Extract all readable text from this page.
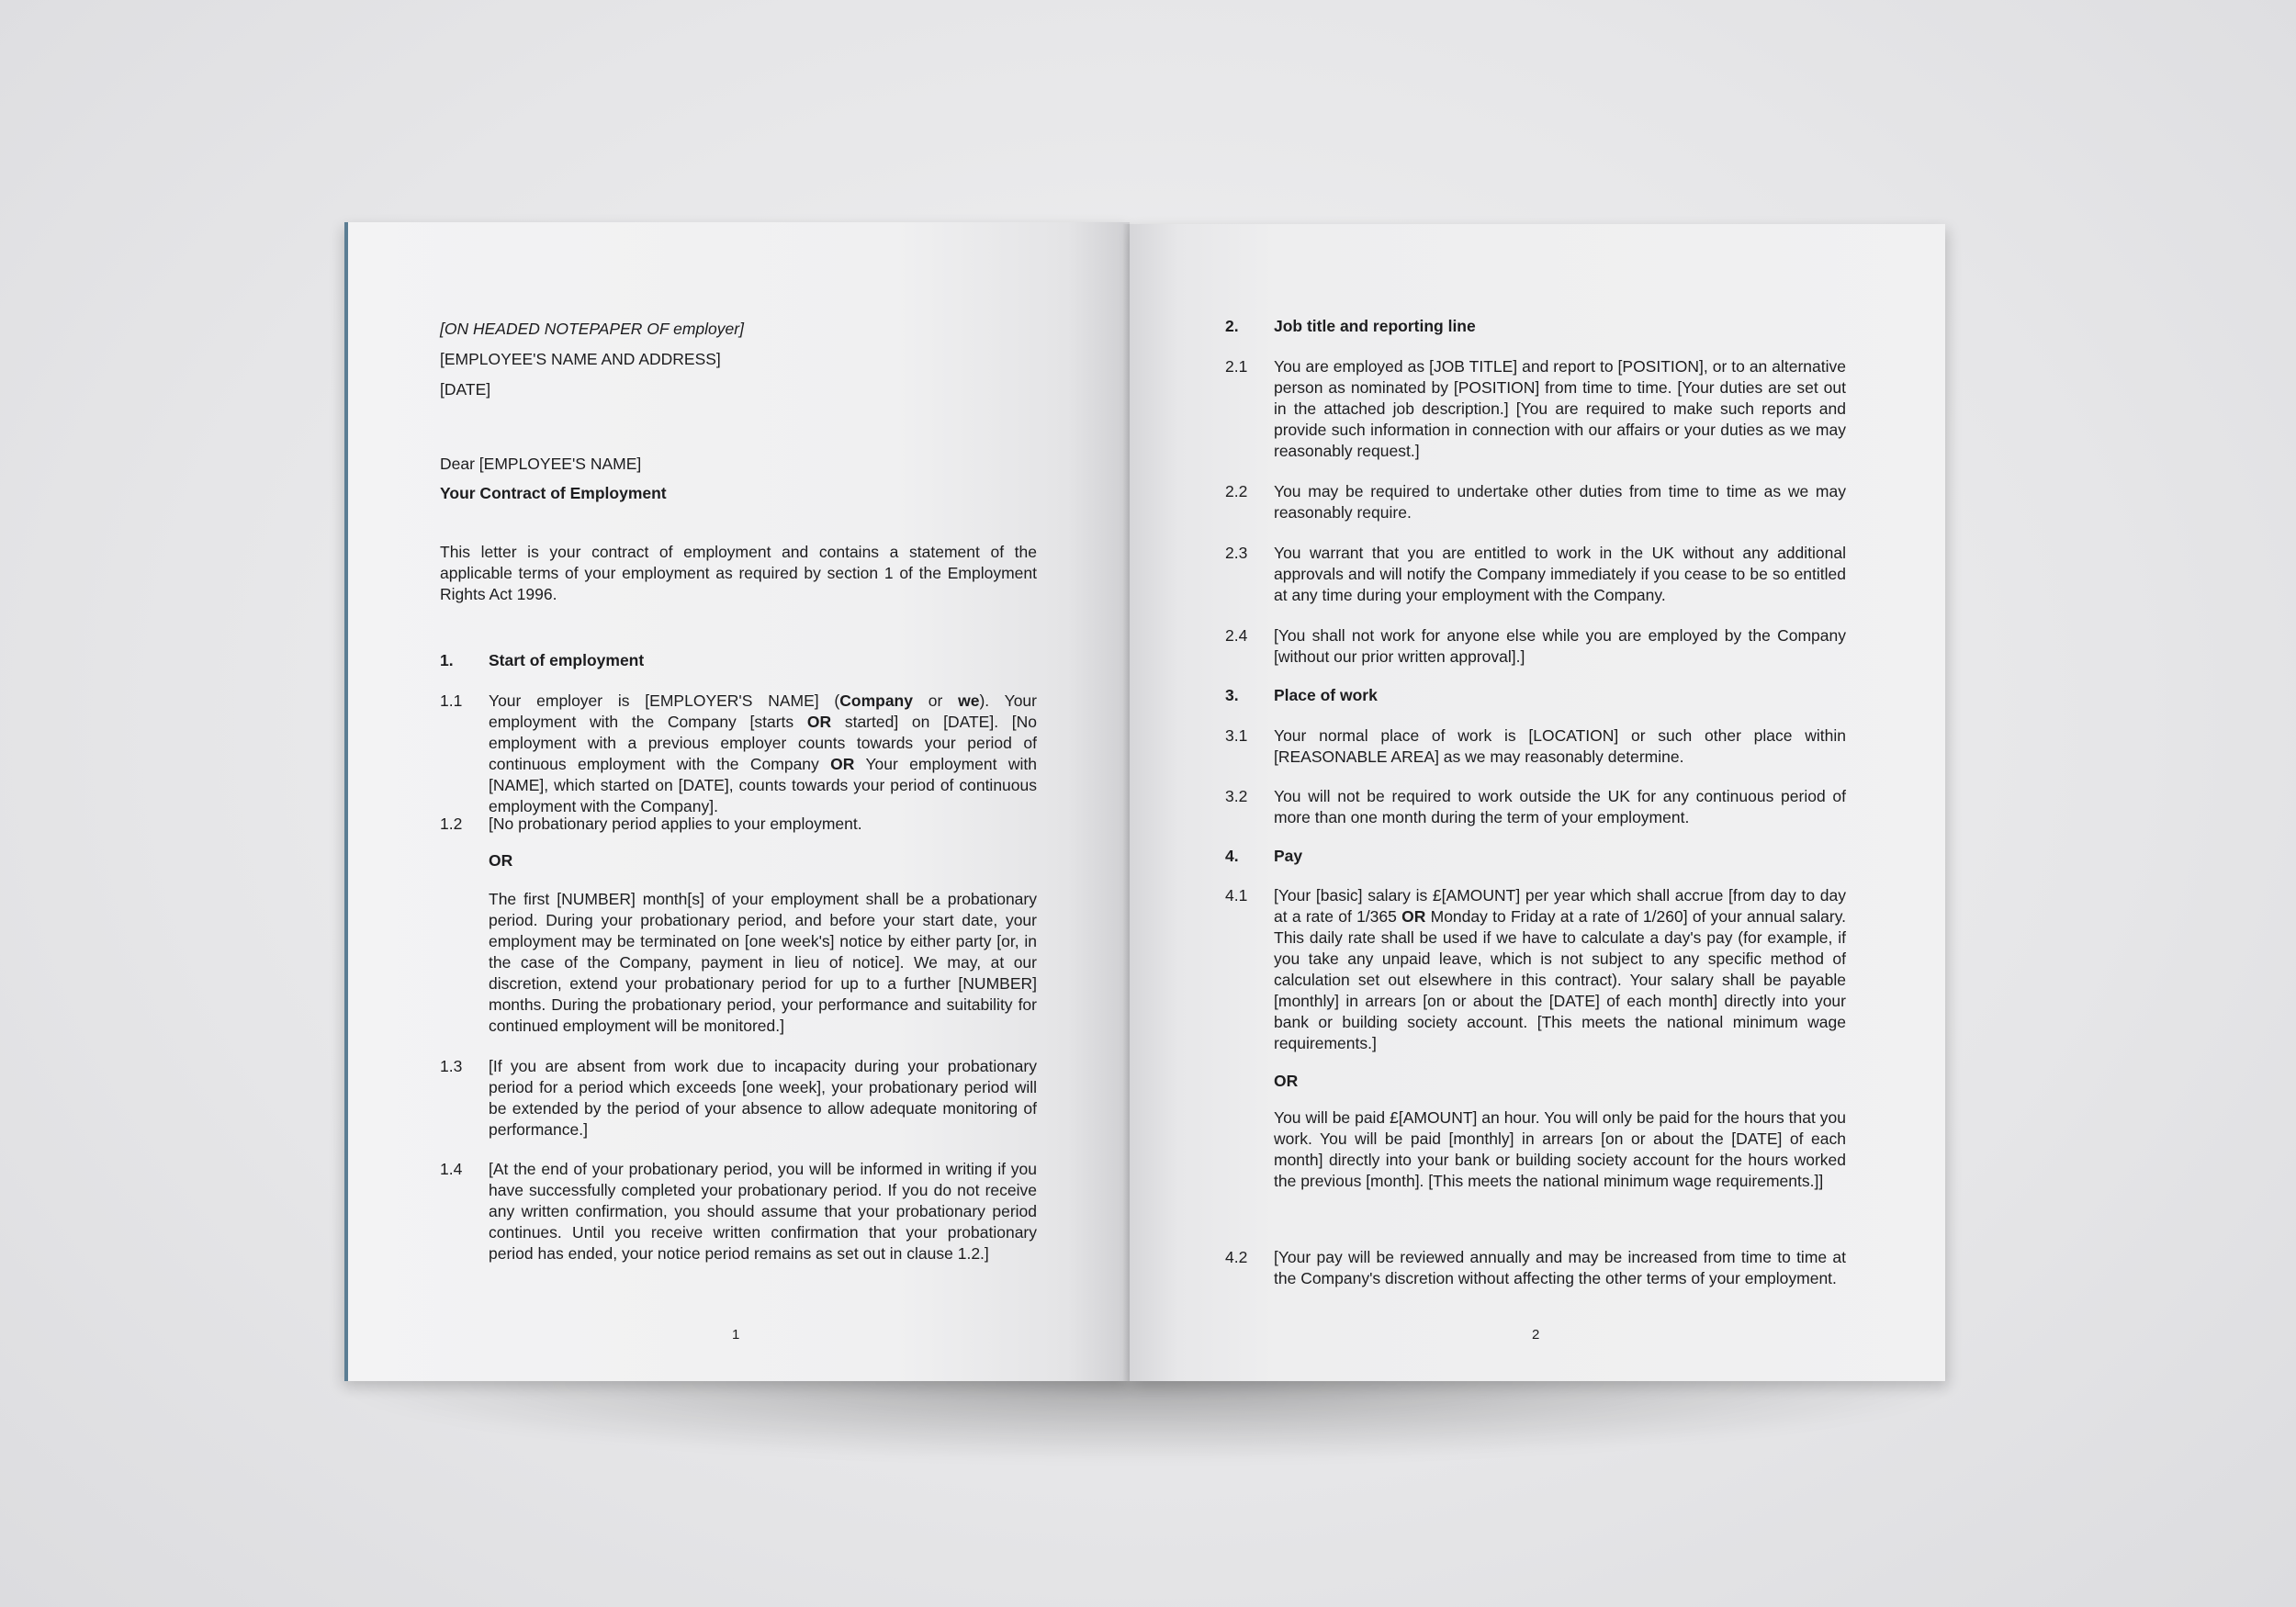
[ON HEADED NOTEPAPER OF employer]
[EMPLOYEE'S NAME AND ADDRESS]
[DATE]
Dear [EMPLOYEE'S NAME]
Your Contract of Employment
This letter is your contract of employment and contains a statement of the applicable terms of your employment as required by section 1 of the Employment Rights Act 1996.
1. Start of employment
1.1 Your employer is [EMPLOYER'S NAME] (Company or we). Your employment with the Company [starts OR started] on [DATE]. [No employment with a previous employer counts towards your period of continuous employment with the Company OR Your employment with [NAME], which started on [DATE], counts towards your period of continuous employment with the Company].
1.2 [No probationary period applies to your employment.
OR
The first [NUMBER] month[s] of your employment shall be a probationary period. During your probationary period, and before your start date, your employment may be terminated on [one week's] notice by either party [or, in the case of the Company, payment in lieu of notice]. We may, at our discretion, extend your probationary period for up to a further [NUMBER] months. During the probationary period, your performance and suitability for continued employment will be monitored.]
1.3 [If you are absent from work due to incapacity during your probationary period for a period which exceeds [one week], your probationary period will be extended by the period of your absence to allow adequate monitoring of performance.]
1.4 [At the end of your probationary period, you will be informed in writing if you have successfully completed your probationary period. If you do not receive any written confirmation, you should assume that your probationary period continues. Until you receive written confirmation that your probationary period has ended, your notice period remains as set out in clause 1.2.]
1
2. Job title and reporting line
2.1 You are employed as [JOB TITLE] and report to [POSITION], or to an alternative person as nominated by [POSITION] from time to time. [Your duties are set out in the attached job description.] [You are required to make such reports and provide such information in connection with our affairs or your duties as we may reasonably request.]
2.2 You may be required to undertake other duties from time to time as we may reasonably require.
2.3 You warrant that you are entitled to work in the UK without any additional approvals and will notify the Company immediately if you cease to be so entitled at any time during your employment with the Company.
2.4 [You shall not work for anyone else while you are employed by the Company [without our prior written approval].]
3. Place of work
3.1 Your normal place of work is [LOCATION] or such other place within [REASONABLE AREA] as we may reasonably determine.
3.2 You will not be required to work outside the UK for any continuous period of more than one month during the term of your employment.
4. Pay
4.1 [Your [basic] salary is £[AMOUNT] per year which shall accrue [from day to day at a rate of 1/365 OR Monday to Friday at a rate of 1/260] of your annual salary. This daily rate shall be used if we have to calculate a day's pay (for example, if you take any unpaid leave, which is not subject to any specific method of calculation set out elsewhere in this contract). Your salary shall be payable [monthly] in arrears [on or about the [DATE] of each month] directly into your bank or building society account. [This meets the national minimum wage requirements.]
OR
You will be paid £[AMOUNT] an hour. You will only be paid for the hours that you work. You will be paid [monthly] in arrears [on or about the [DATE] of each month] directly into your bank or building society account for the hours worked the previous [month]. [This meets the national minimum wage requirements.]]
4.2 [Your pay will be reviewed annually and may be increased from time to time at the Company's discretion without affecting the other terms of your employment.
2
